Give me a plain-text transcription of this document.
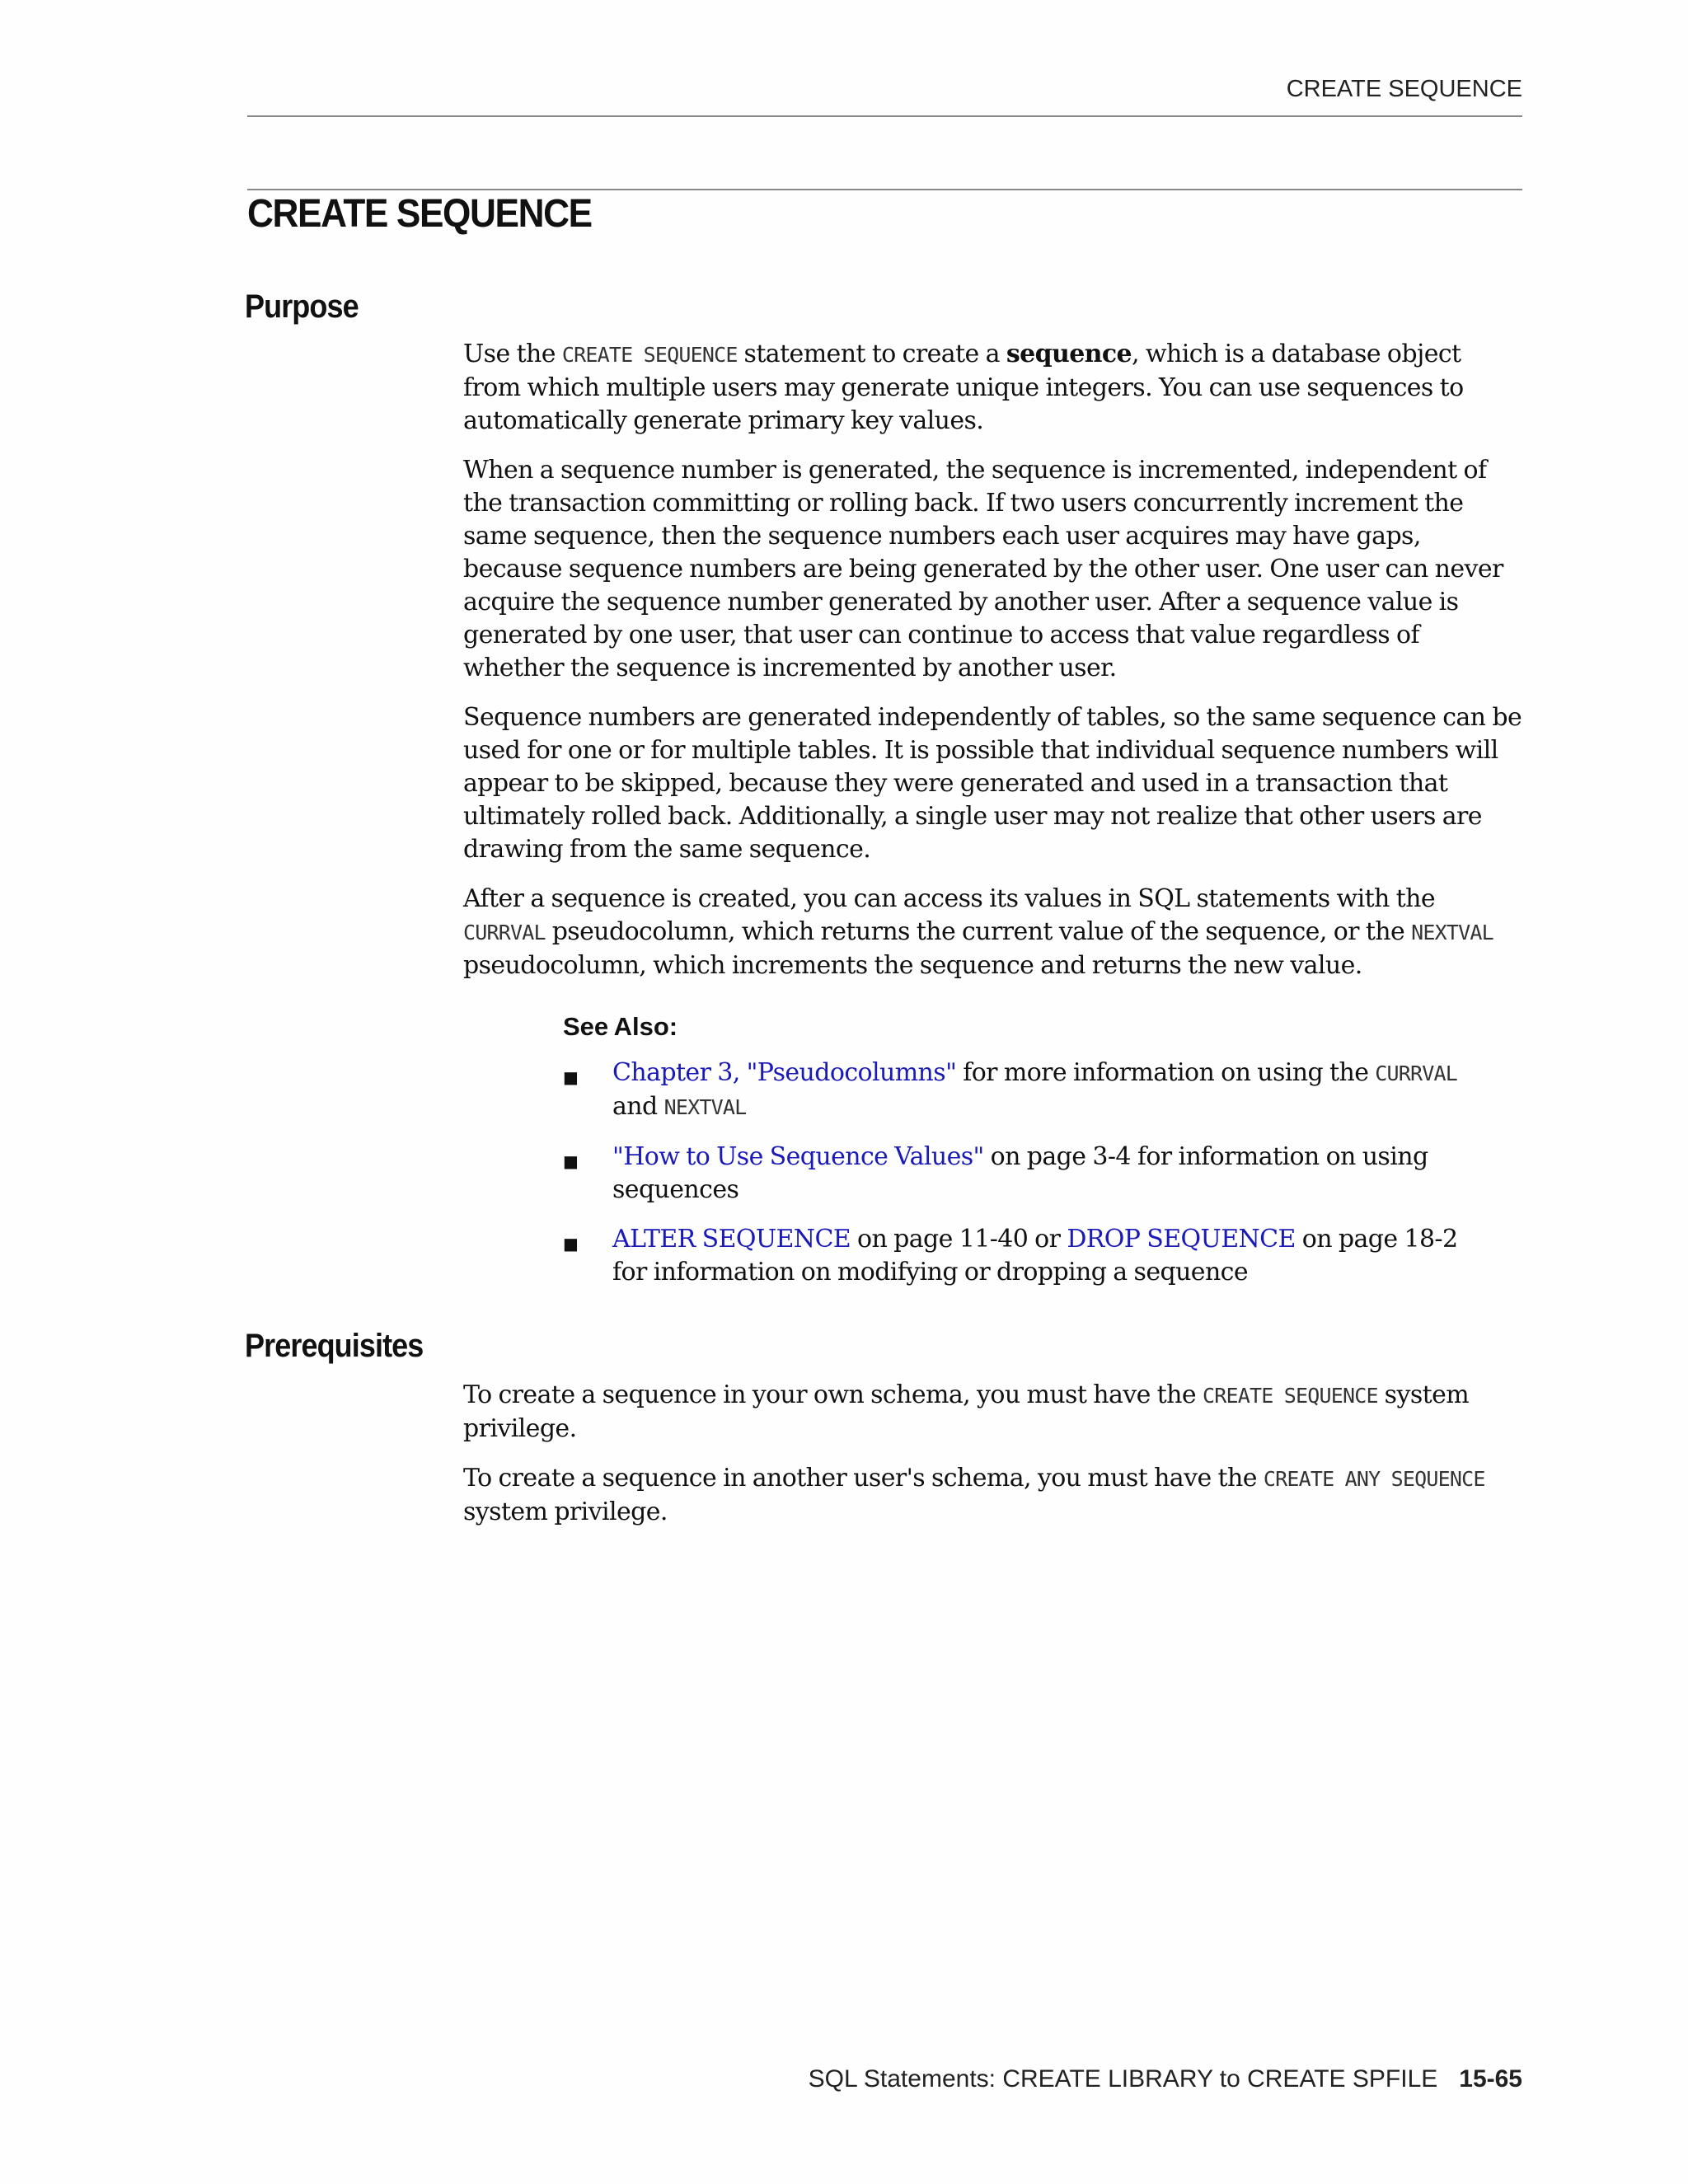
CREATE SEQUENCE
CREATE SEQUENCE
Purpose

Use the CREATE SEQUENCE statement to create a sequence, which is a database object from which multiple users may generate unique integers. You can use sequences to automatically generate primary key values.

When a sequence number is generated, the sequence is incremented, independent of the transaction committing or rolling back. If two users concurrently increment the same sequence, then the sequence numbers each user acquires may have gaps, because sequence numbers are being generated by the other user. One user can never acquire the sequence number generated by another user. After a sequence value is generated by one user, that user can continue to access that value regardless of whether the sequence is incremented by another user.

Sequence numbers are generated independently of tables, so the same sequence can be used for one or for multiple tables. It is possible that individual sequence numbers will appear to be skipped, because they were generated and used in a transaction that ultimately rolled back. Additionally, a single user may not realize that other users are drawing from the same sequence.

After a sequence is created, you can access its values in SQL statements with the CURRVAL pseudocolumn, which returns the current value of the sequence, or the NEXTVAL pseudocolumn, which increments the sequence and returns the new value.

See Also:
■ Chapter 3, "Pseudocolumns" for more information on using the CURRVAL and NEXTVAL
■ "How to Use Sequence Values" on page 3-4 for information on using sequences
■ ALTER SEQUENCE on page 11-40 or DROP SEQUENCE on page 18-2 for information on modifying or dropping a sequence
Prerequisites

To create a sequence in your own schema, you must have the CREATE SEQUENCE system privilege.

To create a sequence in another user's schema, you must have the CREATE ANY SEQUENCE system privilege.

SQL Statements: CREATE LIBRARY to CREATE SPFILE 15-65
